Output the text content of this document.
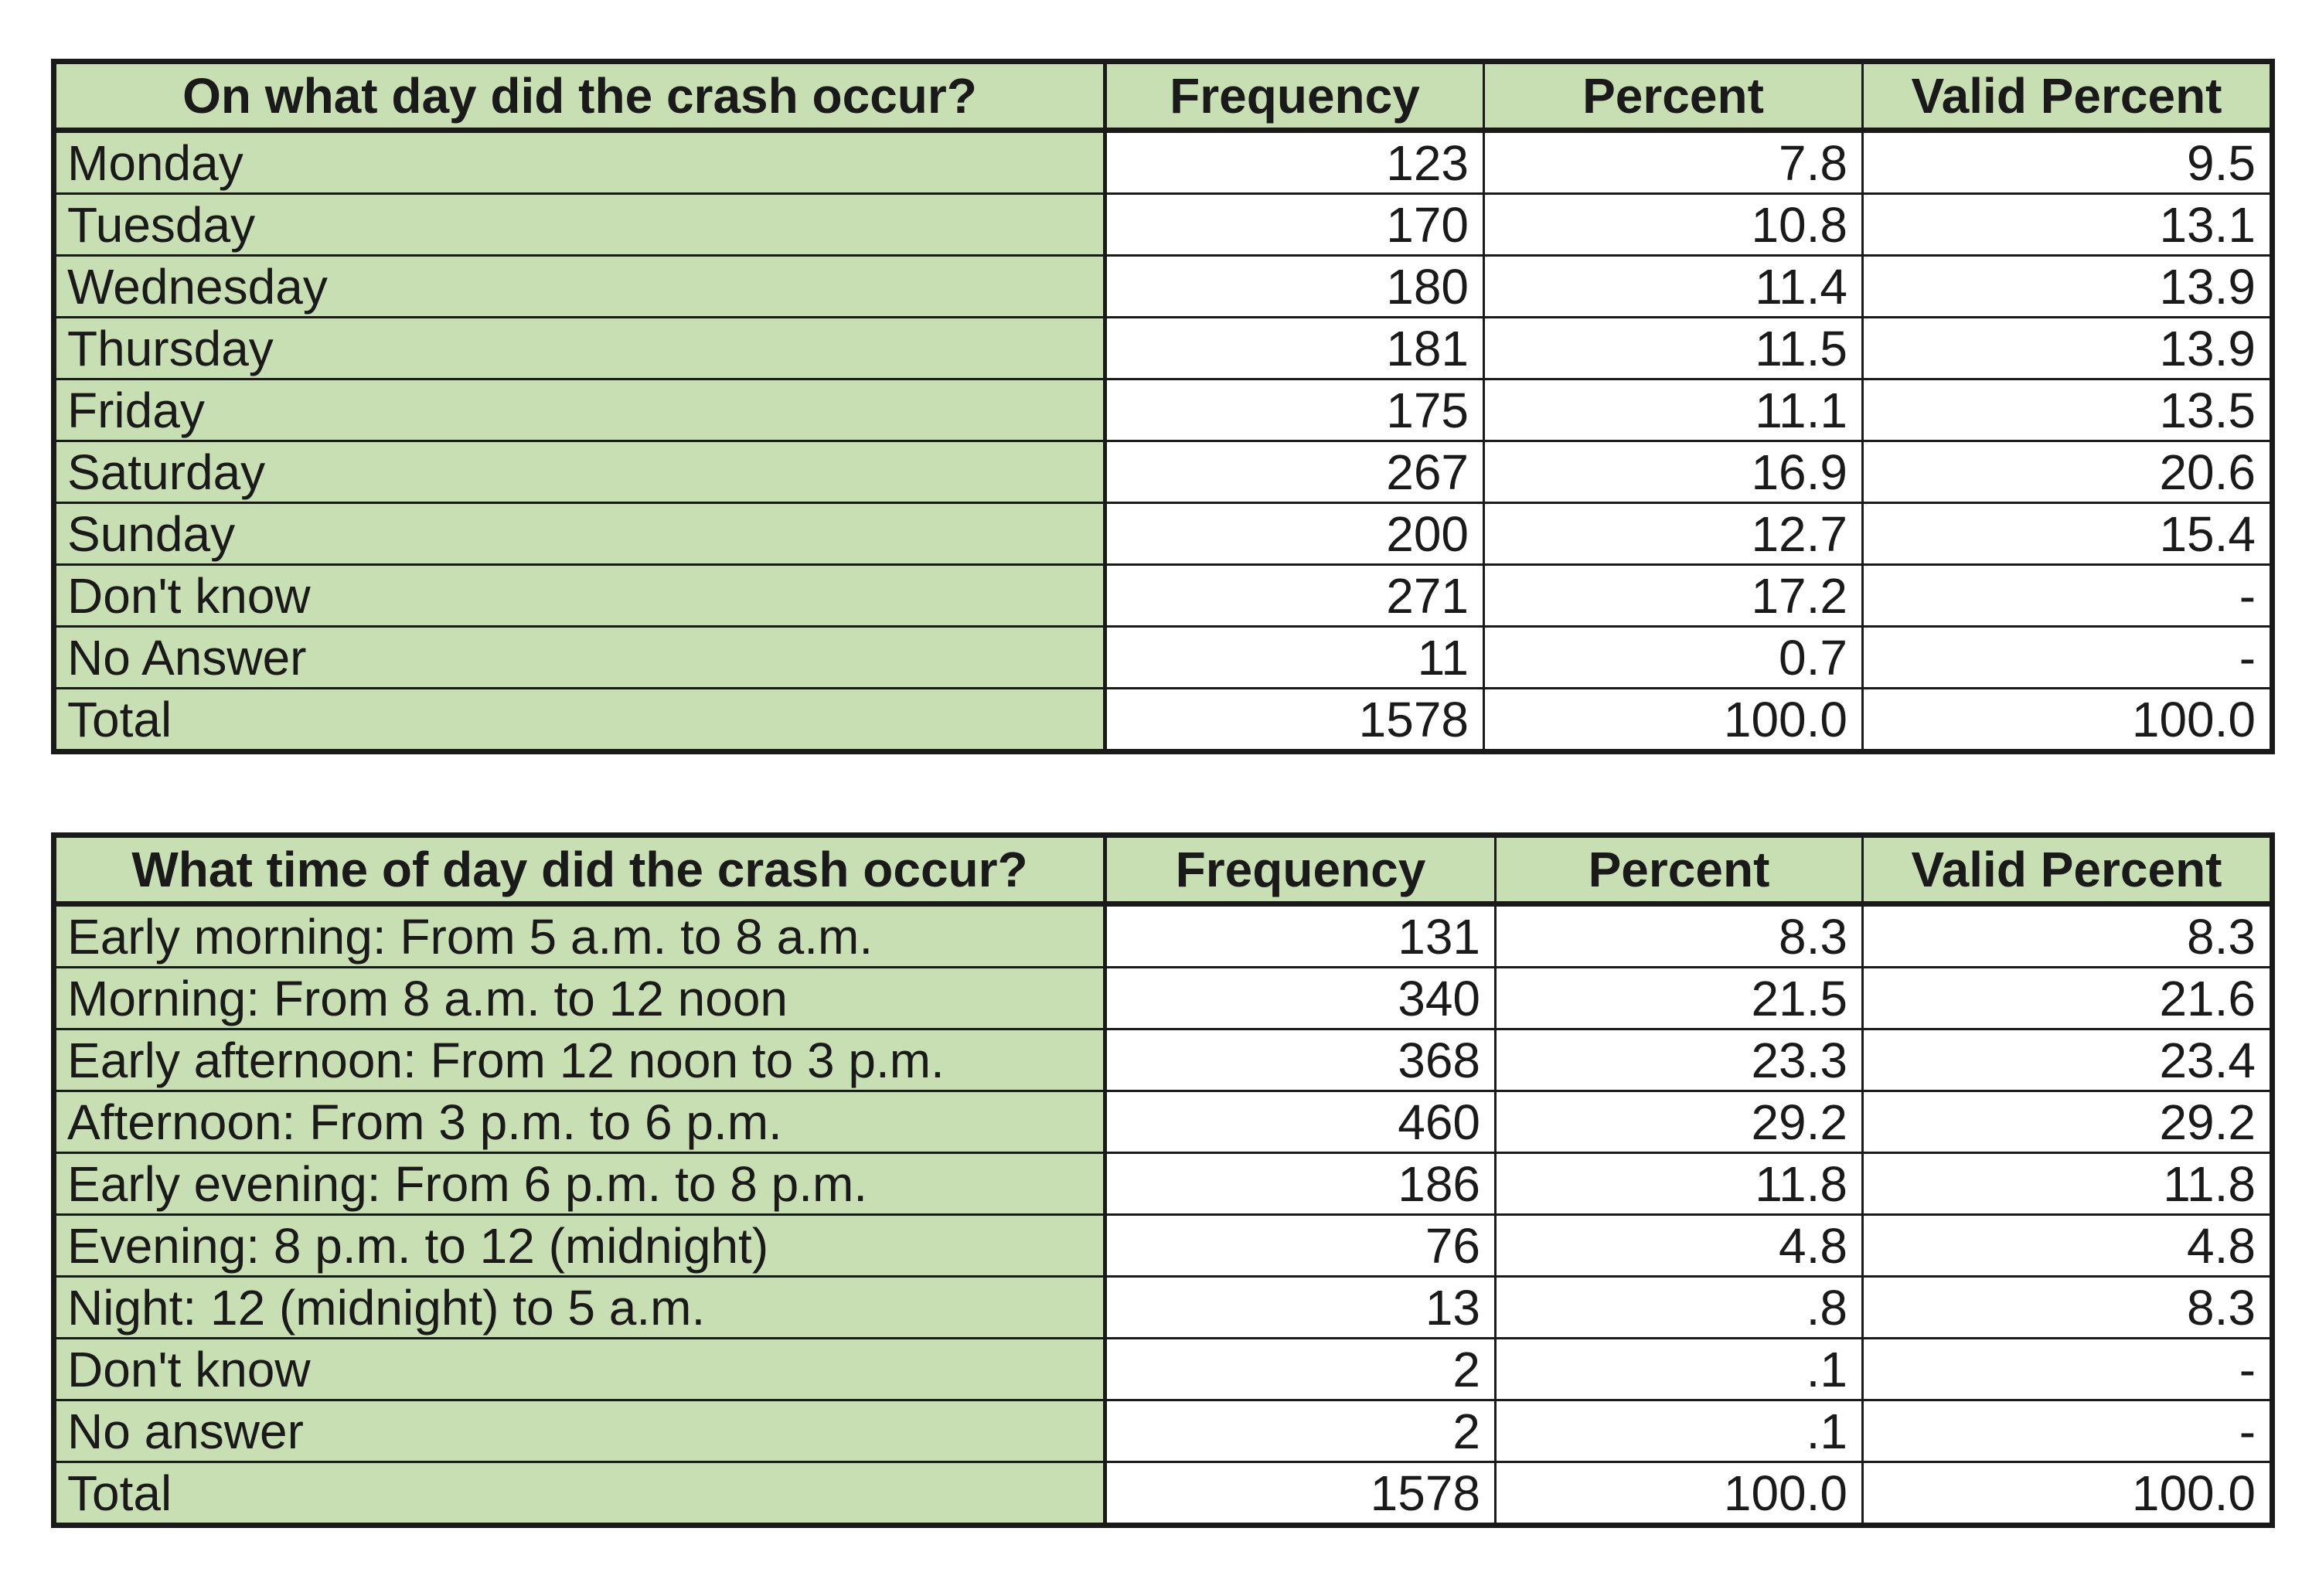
On what day did the crash occur?	Frequency	Percent	Valid Percent
Monday	123	7.8	9.5
Tuesday	170	10.8	13.1
Wednesday	180	11.4	13.9
Thursday	181	11.5	13.9
Friday	175	11.1	13.5
Saturday	267	16.9	20.6
Sunday	200	12.7	15.4
Don't know	271	17.2	-
No Answer	11	0.7	-
Total	1578	100.0	100.0
What time of day did the crash occur?	Frequency	Percent	Valid Percent
Early morning: From 5 a.m. to 8 a.m.	131	8.3	8.3
Morning: From 8 a.m. to 12 noon	340	21.5	21.6
Early afternoon: From 12 noon to 3 p.m.	368	23.3	23.4
Afternoon: From 3 p.m. to 6 p.m.	460	29.2	29.2
Early evening: From 6 p.m. to 8 p.m.	186	11.8	11.8
Evening: 8 p.m. to 12 (midnight)	76	4.8	4.8
Night: 12 (midnight) to 5 a.m.	13	.8	8.3
Don't know	2	.1	-
No answer	2	.1	-
Total	1578	100.0	100.0
